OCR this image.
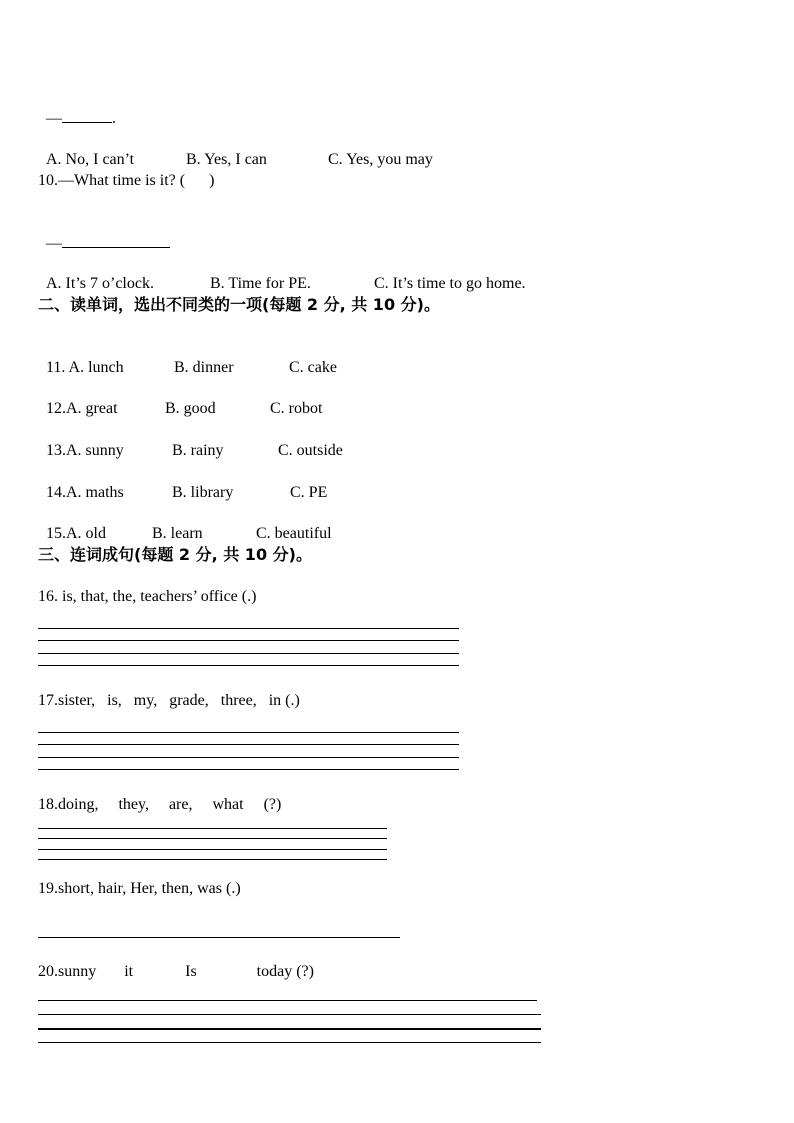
—	.

A. No, I can’t	B. Yes, I can	C. Yes, you may

10.—What time is it? (      )

—

A. It’s 7 o’clock.	B. Time for PE.	C. It’s time to go home.

二、读单词，选出不同类的一项(每题 2 分, 共 10 分)。

11. A. lunch	B. dinner	C. cake

12.A. great	B. good	C. robot

13.A. sunny	B. rainy	C. outside

14.A. maths	B. library	C. PE

15.A. old	B. learn	C. beautiful

三、连词成句(每题 2 分, 共 10 分)。
16. is, that, the, teachers’ office (.)
17.sister,   is,   my,   grade,   three,   in (.)
18.doing,     they,     are,     what     (?)
19.short, hair, Her, then, was (.)
20.sunny       it             Is               today (?)
